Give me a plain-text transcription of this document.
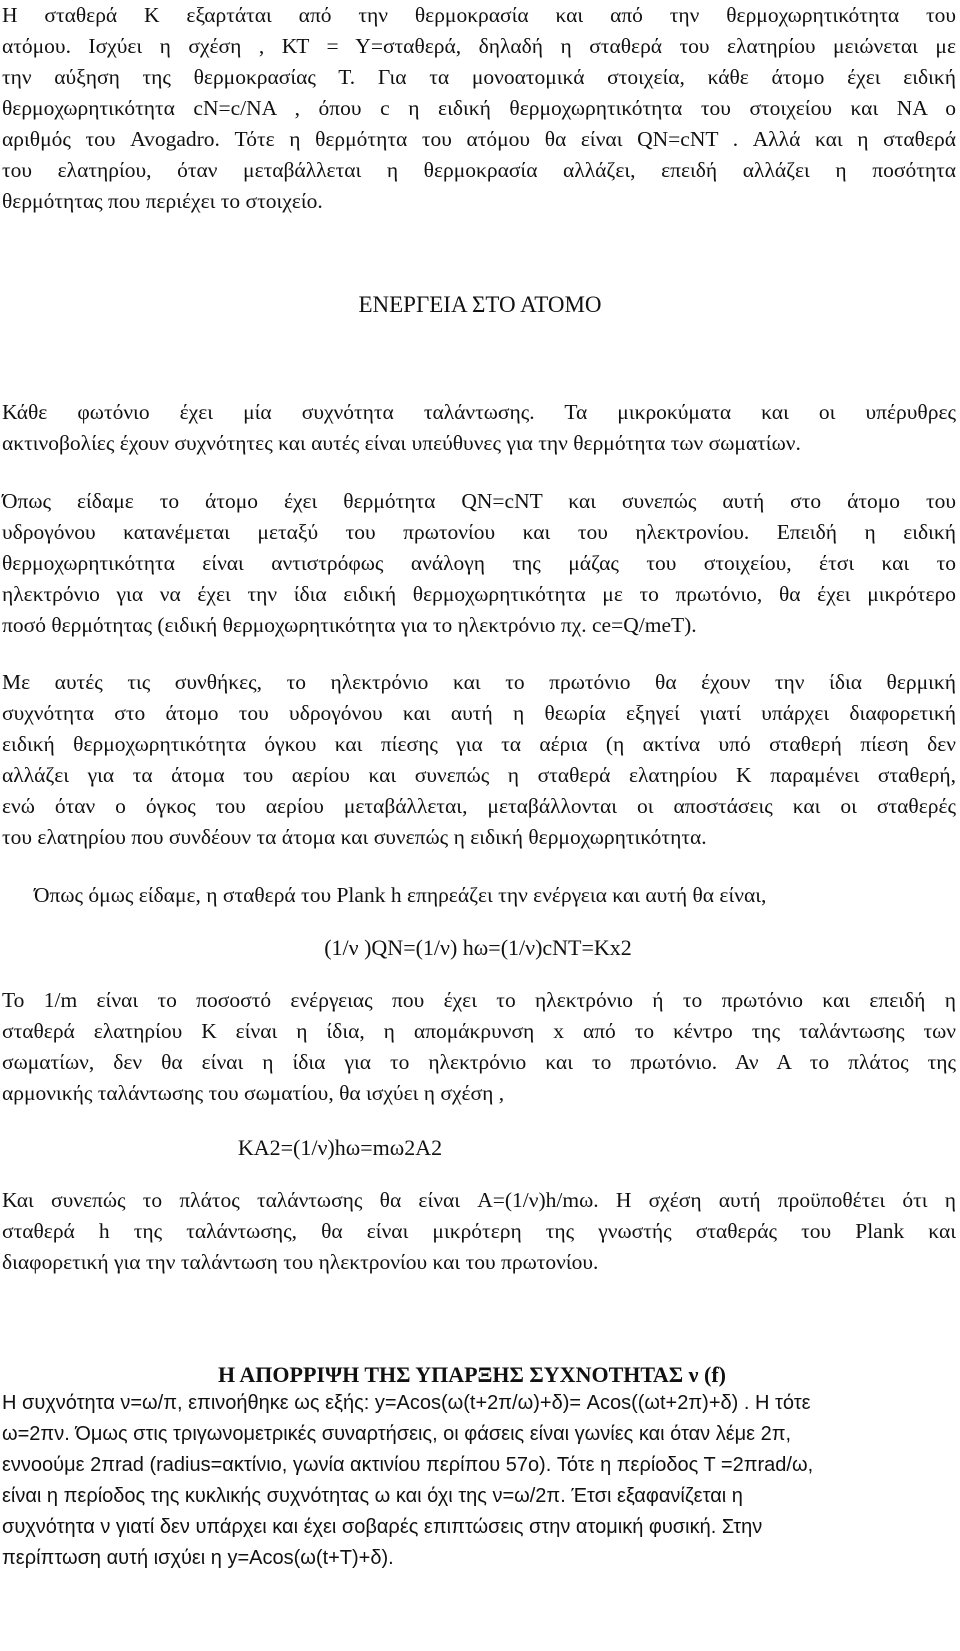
Η σταθερά Κ εξαρτάται από την θερμοκρασία και από την θερμοχωρητικότητα του
ατόμου. Ισχύει η σχέση , ΚΤ = Υ=σταθερά, δηλαδή η σταθερά του ελατηρίου μειώνεται με
την αύξηση της θερμοκρασίας Τ. Για τα μονοατομικά στοιχεία, κάθε άτομο έχει ειδική
θερμοχωρητικότητα cN=c/NA , όπου c η ειδική θερμοχωρητικότητα του στοιχείου και NA ο
αριθμός του Avogadro. Τότε η θερμότητα του ατόμου θα είναι QN=cNT . Αλλά και η σταθερά
του ελατηρίου, όταν μεταβάλλεται η θερμοκρασία αλλάζει, επειδή αλλάζει η ποσότητα
θερμότητας που περιέχει το στοιχείο.
ΕΝΕΡΓΕΙΑ ΣΤΟ ΑΤΟΜΟ
Κάθε φωτόνιο έχει μία συχνότητα ταλάντωσης. Τα μικροκύματα και οι υπέρυθρες
ακτινοβολίες έχουν συχνότητες και αυτές είναι υπεύθυνες για την θερμότητα των σωματίων.
Όπως είδαμε το άτομο έχει θερμότητα QN=cNT και συνεπώς αυτή στο άτομο του
υδρογόνου κατανέμεται μεταξύ του πρωτονίου και του ηλεκτρονίου. Επειδή η ειδική
θερμοχωρητικότητα είναι αντιστρόφως ανάλογη της μάζας του στοιχείου, έτσι και το
ηλεκτρόνιο για να έχει την ίδια ειδική θερμοχωρητικότητα με το πρωτόνιο, θα έχει μικρότερο
ποσό θερμότητας (ειδική θερμοχωρητικότητα για το ηλεκτρόνιο πχ. ce=Q/meT).
Με αυτές τις συνθήκες, το ηλεκτρόνιο και το πρωτόνιο θα έχουν την ίδια θερμική
συχνότητα στο άτομο του υδρογόνου και αυτή η θεωρία εξηγεί γιατί υπάρχει διαφορετική
ειδική θερμοχωρητικότητα όγκου και πίεσης για τα αέρια (η ακτίνα υπό σταθερή πίεση δεν
αλλάζει για τα άτομα του αερίου και συνεπώς η σταθερά ελατηρίου Κ παραμένει σταθερή,
ενώ όταν ο όγκος του αερίου μεταβάλλεται, μεταβάλλονται οι αποστάσεις και οι σταθερές
του ελατηρίου που συνδέουν τα άτομα και συνεπώς η ειδική θερμοχωρητικότητα.
Όπως όμως είδαμε, η σταθερά του Plank h επηρεάζει την ενέργεια και αυτή θα είναι,
(1/ν )QN=(1/ν) hω=(1/ν)cNT=Kx2
Το 1/m είναι το ποσοστό ενέργειας που έχει το ηλεκτρόνιο ή το πρωτόνιο και επειδή η
σταθερά ελατηρίου Κ είναι η ίδια, η απομάκρυνση x από το κέντρο της ταλάντωσης των
σωματίων, δεν θα είναι η ίδια για το ηλεκτρόνιο και το πρωτόνιο. Αν Α το πλάτος της
αρμονικής ταλάντωσης του σωματίου, θα ισχύει η σχέση ,
ΚΑ2=(1/ν)hω=mω2A2
Και συνεπώς το πλάτος ταλάντωσης θα είναι A=(1/ν)h/mω. Η σχέση αυτή προϋποθέτει ότι η
σταθερά h της ταλάντωσης, θα είναι μικρότερη της γνωστής σταθεράς του Plank και
διαφορετική για την ταλάντωση του ηλεκτρονίου και του πρωτονίου.
Η ΑΠΟΡΡΙΨΗ ΤΗΣ ΥΠΑΡΞΗΣ ΣΥΧΝΟΤΗΤΑΣ ν (f)
Η συχνότητα ν=ω/π, επινοήθηκε ως εξής: y=Acos(ω(t+2π/ω)+δ)= Acos((ωt+2π)+δ) . Η τότε
ω=2πν. Όμως στις τριγωνομετρικές συναρτήσεις, οι φάσεις είναι γωνίες και όταν λέμε 2π,
εννοούμε 2πrad (radius=ακτίνιο, γωνία ακτινίου περίπου 57o). Τότε η περίοδος Τ =2πrad/ω,
είναι η περίοδος της κυκλικής συχνότητας ω και όχι της ν=ω/2π. Έτσι εξαφανίζεται η
συχνότητα ν γιατί δεν υπάρχει και έχει σοβαρές επιπτώσεις στην ατομική φυσική. Στην
περίπτωση αυτή ισχύει η y=Acos(ω(t+T)+δ).
